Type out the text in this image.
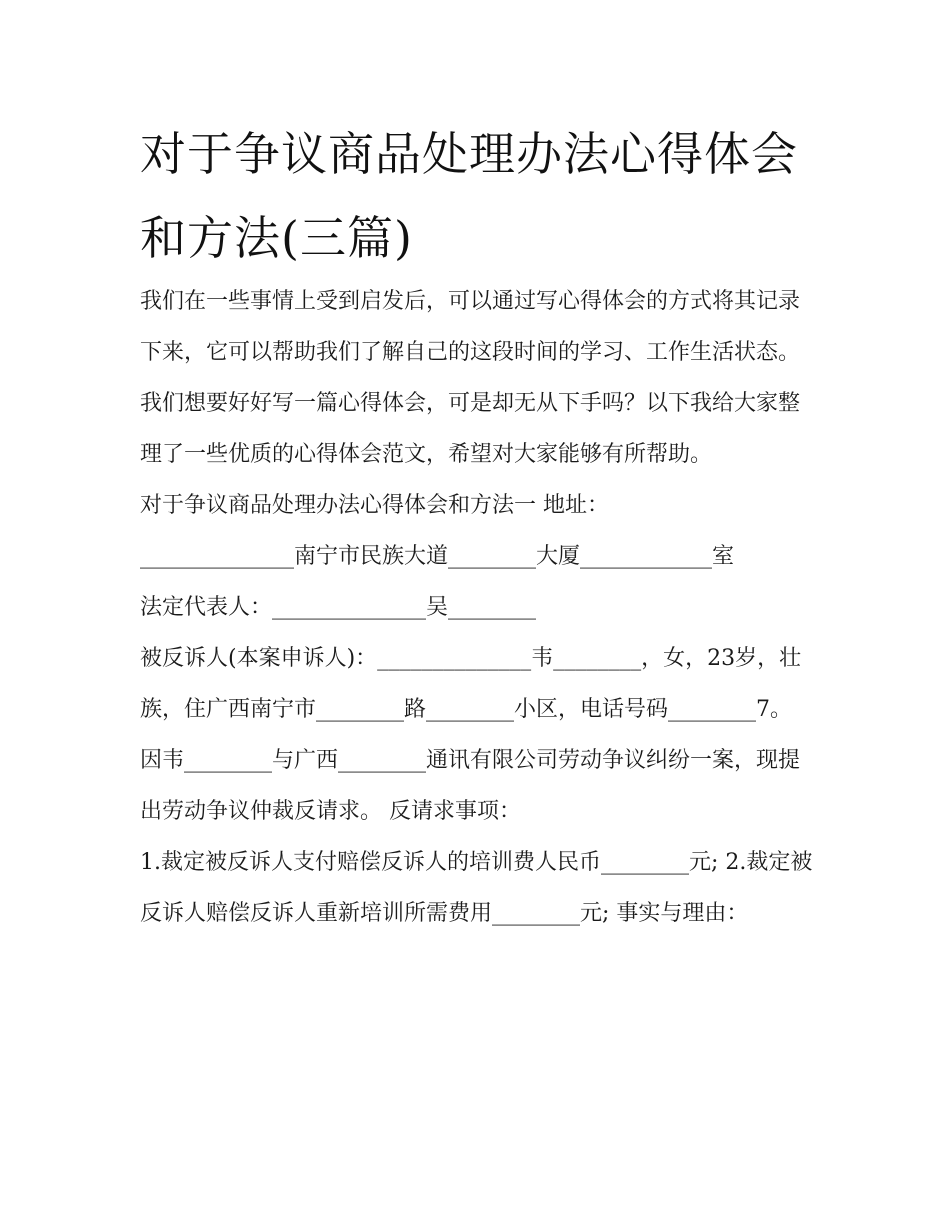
对于争议商品处理办法心得体会和方法(三篇)

我们在一些事情上受到启发后，可以通过写心得体会的方式将其记录下来，它可以帮助我们了解自己的这段时间的学习、工作生活状态。我们想要好好写一篇心得体会，可是却无从下手吗？以下我给大家整理了一些优质的心得体会范文，希望对大家能够有所帮助。

对于争议商品处理办法心得体会和方法一 地址：

______________南宁市民族大道________大厦____________室

法定代表人：______________吴________

被反诉人(本案申诉人)：______________韦________，女，23岁，壮族，住广西南宁市________路________小区，电话号码________7。

因韦________与广西________通讯有限公司劳动争议纠纷一案，现提出劳动争议仲裁反请求。 反请求事项：

1.裁定被反诉人支付赔偿反诉人的培训费人民币________元; 2.裁定被反诉人赔偿反诉人重新培训所需费用________元; 事实与理由：
